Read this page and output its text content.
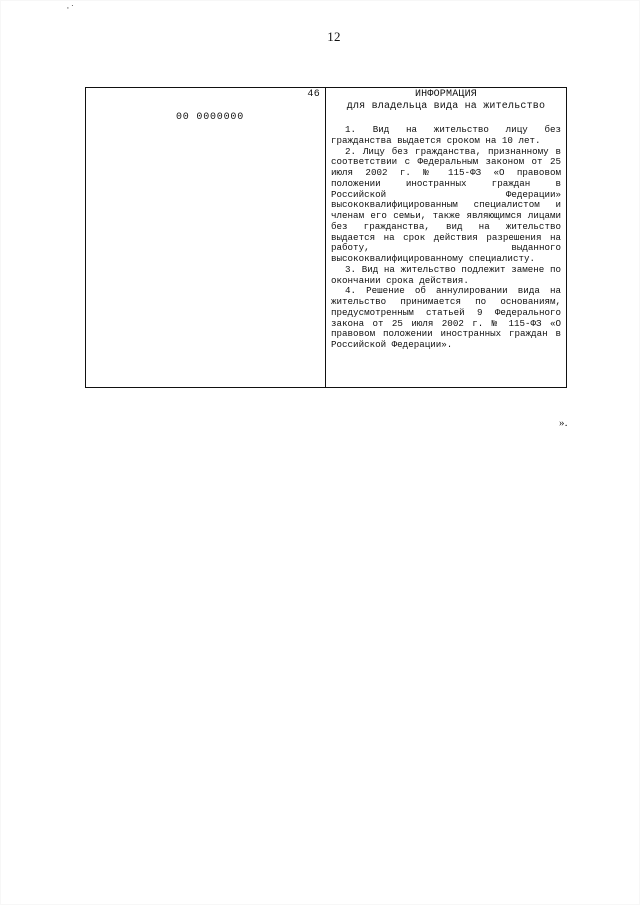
‚ ·
12
46
00 0000000
ИНФОРМАЦИЯ
для владельца вида на жительство

1. Вид на жительство лицу без гражданства выдается сроком на 10 лет.

2. Лицу без гражданства, признанному в соответствии с Федеральным законом от 25 июля 2002 г. № 115-ФЗ «О правовом положении иностранных граждан в Российской Федерации» высококвалифицированным специалистом и членам его семьи, также являющимся лицами без гражданства, вид на жительство выдается на срок действия разрешения на работу, выданного высококвалифицированному специалисту.

3. Вид на жительство подлежит замене по окончании срока действия.

4. Решение об аннулировании вида на жительство принимается по основаниям, предусмотренным статьей 9 Федерального закона от 25 июля 2002 г. № 115-ФЗ «О правовом положении иностранных граждан в Российской Федерации».

».
